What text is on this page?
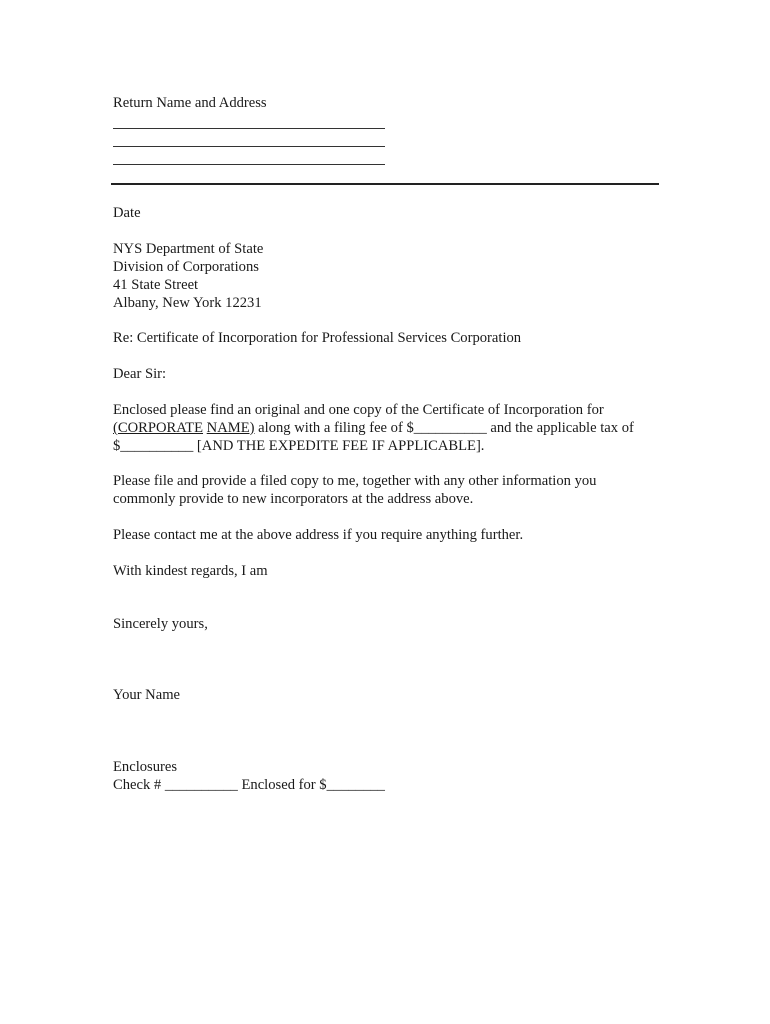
Return Name and Address
Date
NYS Department of State
Division of Corporations
41 State Street
Albany, New York 12231
Re: Certificate of Incorporation for Professional Services Corporation
Dear Sir:
Enclosed please find an original and one copy of the Certificate of Incorporation for
(CORPORATE NAME) along with a filing fee of $__________ and the applicable tax of
$__________ [AND THE EXPEDITE FEE IF APPLICABLE].
Please file and provide a filed copy to me, together with any other information you
commonly provide to new incorporators at the address above.
Please contact me at the above address if you require anything further.
With kindest regards, I am
Sincerely yours,
Your Name
Enclosures
Check # __________ Enclosed for $________
